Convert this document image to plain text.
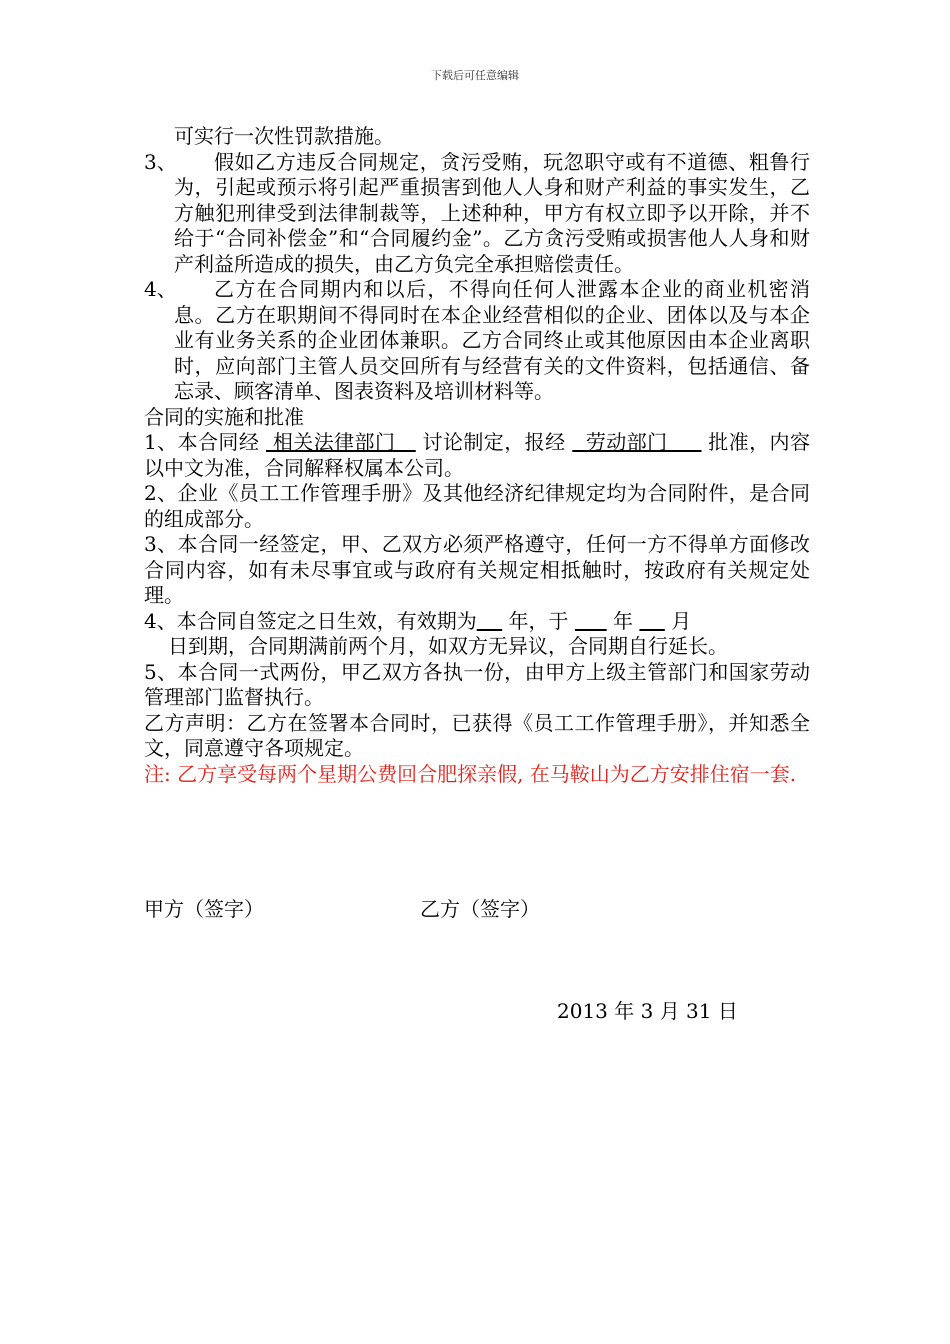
下载后可任意编辑

可实行一次性罚款措施。

3、	假如乙方违反合同规定，贪污受贿，玩忽职守或有不道德、粗鲁行为，引起或预示将引起严重损害到他人人身和财产利益的事实发生，乙方触犯刑律受到法律制裁等，上述种种，甲方有权立即予以开除，并不给于“合同补偿金”和“合同履约金”。乙方贪污受贿或损害他人人身和财产利益所造成的损失，由乙方负完全承担赔偿责任。
4、	乙方在合同期内和以后，不得向任何人泄露本企业的商业机密消息。乙方在职期间不得同时在本企业经营相似的企业、团体以及与本企业有业务关系的企业团体兼职。乙方合同终止或其他原因由本企业离职时，应向部门主管人员交回所有与经营有关的文件资料，包括通信、备忘录、顾客清单、图表资料及培训材料等。

合同的实施和批准

1、本合同经  相关法律部门    讨论制定，报经   劳动部门      批准，内容以中文为准，合同解释权属本公司。

2、企业《员工工作管理手册》及其他经济纪律规定均为合同附件，是合同的组成部分。

3、本合同一经签定，甲、乙双方必须严格遵守，任何一方不得单方面修改合同内容，如有未尽事宜或与政府有关规定相抵触时，按政府有关规定处理。

4、本合同自签定之日生效，有效期为     年，于       年      月
日到期，合同期满前两个月，如双方无异议，合同期自行延长。

5、本合同一式两份，甲乙双方各执一份，由甲方上级主管部门和国家劳动管理部门监督执行。

乙方声明：乙方在签署本合同时，已获得《员工工作管理手册》，并知悉全文，同意遵守各项规定。

注: 乙方享受每两个星期公费回合肥探亲假, 在马鞍山为乙方安排住宿一套.

甲方（签字）	乙方（签字）
2013 年 3 月 31 日
